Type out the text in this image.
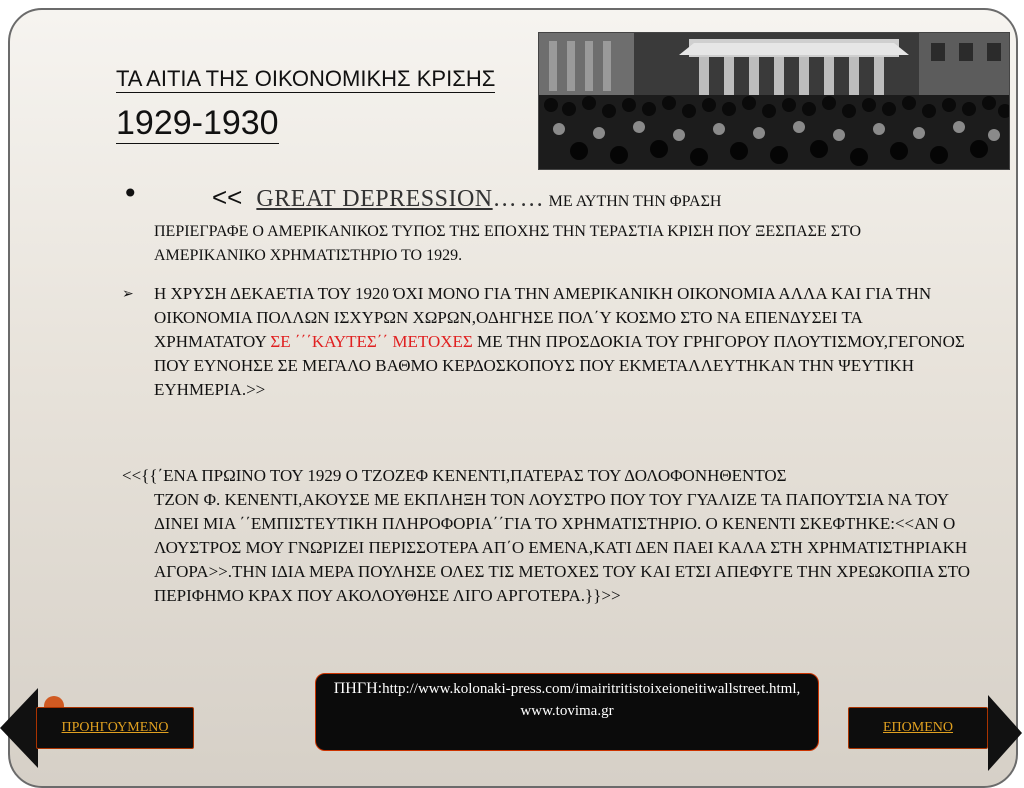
ΤΑ ΑΙΤΙΑ ΤΗΣ ΟΙΚΟΝΟΜΙΚΗΣ ΚΡΙΣΗΣ
1929-1930
•	<< GREAT DEPRESSION…… ΜΕ ΑΥΤΗΝ ΤΗΝ ΦΡΑΣΗ
ΠΕΡΙΕΓΡΑΦΕ Ο ΑΜΕΡΙΚΑΝΙΚΟΣ ΤΥΠΟΣ ΤΗΣ ΕΠΟΧΗΣ ΤΗΝ ΤΕΡΑΣΤΙΑ ΚΡΙΣΗ ΠΟΥ ΞΕΣΠΑΣΕ ΣΤΟ ΑΜΕΡΙΚΑΝΙΚΟ ΧΡΗΜΑΤΙΣΤΗΡΙΟ ΤΟ 1929.
➢ Η ΧΡΥΣΗ ΔΕΚΑΕΤΙΑ ΤΟΥ 1920 ΌΧΙ ΜΟΝΟ ΓΙΑ ΤΗΝ ΑΜΕΡΙΚΑΝΙΚΗ ΟΙΚΟΝΟΜΙΑ ΑΛΛΑ ΚΑΙ ΓΙΑ ΤΗΝ ΟΙΚΟΝΟΜΙΑ ΠΟΛΛΩΝ ΙΣΧΥΡΩΝ ΧΩΡΩΝ,ΟΔΗΓΗΣΕ ΠΟΛ΄Υ ΚΟΣΜΟ ΣΤΟ ΝΑ ΕΠΕΝΔΥΣΕΙ ΤΑ ΧΡΗΜΑΤΑΤΟΥ ΣΕ ΄΄΄ΚΑΥΤΕΣ΄΄ ΜΕΤΟΧΕΣ ΜΕ ΤΗΝ ΠΡΟΣΔΟΚΙΑ ΤΟΥ ΓΡΗΓΟΡΟΥ ΠΛΟΥΤΙΣΜΟΥ,ΓΕΓΟΝΟΣ ΠΟΥ ΕΥΝΟΗΣΕ ΣΕ ΜΕΓΑΛΟ ΒΑΘΜΟ ΚΕΡΔΟΣΚΟΠΟΥΣ ΠΟΥ ΕΚΜΕΤΑΛΛΕΥΤΗΚΑΝ ΤΗΝ ΨΕΥΤΙΚΗ ΕΥΗΜΕΡΙΑ.>>
<<{{΄ΕΝΑ ΠΡΩΙΝΟ ΤΟΥ 1929 Ο ΤΖΟΖΕΦ ΚΕΝΕΝΤΙ,ΠΑΤΕΡΑΣ ΤΟΥ ΔΟΛΟΦΟΝΗΘΕΝΤΟΣ
ΤΖΟΝ Φ. ΚΕΝΕΝΤΙ,ΑΚΟΥΣΕ ΜΕ ΕΚΠΛΗΞΗ ΤΟΝ ΛΟΥΣΤΡΟ ΠΟΥ ΤΟΥ ΓΥΑΛΙΖΕ ΤΑ ΠΑΠΟΥΤΣΙΑ ΝΑ ΤΟΥ ΔΙΝΕΙ ΜΙΑ ΄΄ΕΜΠΙΣΤΕΥΤΙΚΗ ΠΛΗΡΟΦΟΡΙΑ΄΄ΓΙΑ ΤΟ ΧΡΗΜΑΤΙΣΤΗΡΙΟ. Ο ΚΕΝΕΝΤΙ ΣΚΕΦΤΗΚΕ:<<ΑΝ Ο ΛΟΥΣΤΡΟΣ ΜΟΥ ΓΝΩΡΙΖΕΙ ΠΕΡΙΣΣΟΤΕΡΑ ΑΠ΄Ο ΕΜΕΝΑ,ΚΑΤΙ ΔΕΝ ΠΑΕΙ ΚΑΛΑ ΣΤΗ ΧΡΗΜΑΤΙΣΤΗΡΙΑΚΗ ΑΓΟΡΑ>>.ΤΗΝ ΙΔΙΑ ΜΕΡΑ ΠΟΥΛΗΣΕ ΟΛΕΣ ΤΙΣ ΜΕΤΟΧΕΣ ΤΟΥ ΚΑΙ ΕΤΣΙ ΑΠΕΦΥΓΕ ΤΗΝ ΧΡΕΩΚΟΠΙΑ ΣΤΟ ΠΕΡΙΦΗΜΟ ΚΡΑΧ ΠΟΥ ΑΚΟΛΟΥΘΗΣΕ ΛΙΓΟ ΑΡΓΟΤΕΡΑ.}}>>
ΠΗΓΗ:http://www.kolonaki-press.com/imairitritistoixeioneitiwallstreet.html,
www.tovima.gr
ΠΡΟΗΓΟΥΜΕΝΟ	ΕΠΟΜΕΝΟ
